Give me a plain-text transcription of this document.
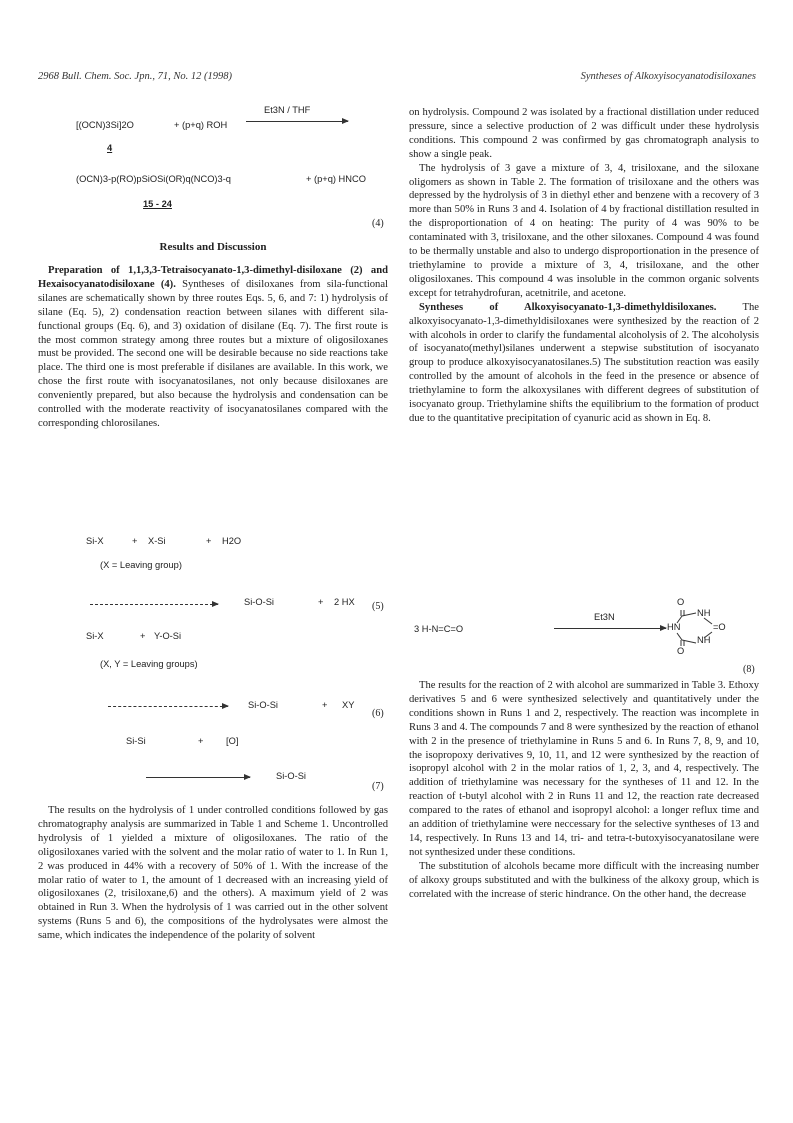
2968 Bull. Chem. Soc. Jpn., 71, No. 12 (1998)	Syntheses of Alkoxyisocyanatodisiloxanes
[(OCN)3Si]2O	+ (p+q) ROH
Et3N / THF
4
(OCN)3-p(RO)pSiOSi(OR)q(NCO)3-q	+ (p+q) HNCO
15 - 24
(4)
Results and Discussion

Preparation of 1,1,3,3-Tetraisocyanato-1,3-dimethyl-disiloxane (2) and Hexaisocyanatodisiloxane (4). Syntheses of disiloxanes from sila-functional silanes are schematically shown by three routes Eqs. 5, 6, and 7: 1) hydrolysis of silane (Eq. 5), 2) condensation reaction between silanes with different sila-functional groups (Eq. 6), and 3) oxidation of disilane (Eq. 7). The first route is the most common strategy among three routes but a mixture of oligosiloxanes must be provided. The second one will be desirable because no side reactions take place. The third one is most preferable if disilanes are available. In this work, we chose the first route with isocyanatosilanes, not only because disiloxanes are conveniently prepared, but also because the hydrolysis and condensation can be controlled with the moderate reactivity of isocyanatosilanes compared with the corresponding chlorosilanes.

Si-X	+ X-Si	+ H2O
(X = Leaving group)
Si-O-Si	+ 2 HX (5)
Si-X	+ Y-O-Si
(X, Y = Leaving groups)
Si-O-Si	+ XY
(6)
Si-Si	+ [O]
Si-O-Si
(7)

The results on the hydrolysis of 1 under controlled conditions followed by gas chromatography analysis are summarized in Table 1 and Scheme 1. Uncontrolled hydrolysis of 1 yielded a mixture of oligosiloxanes. The ratio of the oligosiloxanes varied with the solvent and the molar ratio of water to 1. In Run 1, 2 was produced in 44% with a recovery of 50% of 1. With the increase of the molar ratio of water to 1, the amount of 1 decreased with an increasing yield of oligosiloxanes (2, trisiloxane,6) and the others). A maximum yield of 2 was obtained in Run 3. When the hydrolysis of 1 was carried out in the other solvent systems (Runs 5 and 6), the compositions of the hydrolysates were almost the same, which indicates the independence of the polarity of solvent

on hydrolysis. Compound 2 was isolated by a fractional distillation under reduced pressure, since a selective production of 2 was difficult under these hydrolysis conditions. This compound 2 was confirmed by gas chromatograph analysis to show a single peak.

The hydrolysis of 3 gave a mixture of 3, 4, trisiloxane, and the siloxane oligomers as shown in Table 2. The formation of trisiloxane and the others was depressed by the hydrolysis of 3 in diethyl ether and benzene with a recovery of 3 more than 50% in Runs 3 and 4. Isolation of 4 by fractional distillation resulted in the disproportionation of 4 on heating: The purity of 4 was 90% to be contaminated with 3, trisiloxane, and the other siloxanes. Compound 4 was found to be thermally unstable and also to undergo disproportionation in the presence of triethylamine to provide a mixture of 3, 4, trisiloxane, and the other oligosiloxanes. This compound 4 was insoluble in the common organic solvents except for tetrahydrofuran, acetnitrile, and acetone.

Syntheses of Alkoxyisocyanato-1,3-dimethyldisiloxanes. The alkoxyisocyanato-1,3-dimethyldisiloxanes were synthesized by the reaction of 2 with alcohols in order to clarify the fundamental alcoholysis of 2. The alcoholysis of isocyanato(methyl)silanes underwent a stepwise substitution of isocyanato group to produce alkoxyisocyanatosilanes.5) The substitution reaction was easily controlled by the amount of alcohols in the feed in the presence or absence of triethylamine to form the alkoxysilanes with different degrees of substitution of isocyanato group. Triethylamine shifts the equilibrium to the formation of product due to the quantitative precipitation of cyanuric acid as shown in Eq. 8.

3 H-N=C=O
Et3N
O
NH
HN	=O
NH
O
(8)

The results for the reaction of 2 with alcohol are summarized in Table 3. Ethoxy derivatives 5 and 6 were synthesized selectively and quantitatively under the conditions shown in Runs 1 and 2, respectively. The reaction was incomplete in Runs 3 and 4. The compounds 7 and 8 were synthesized by the reaction of ethanol with 2 in the presence of triethylamine in Runs 5 and 6. In Runs 7, 8, 9, and 10, the isopropoxy derivatives 9, 10, 11, and 12 were synthesized by the reaction of isopropyl alcohol with 2 in the molar ratios of 1, 2, 3, and 4, respectively. The addition of triethylamine was necessary for the syntheses of 11 and 12. In the reaction of t-butyl alcohol with 2 in Runs 11 and 12, the reaction rate decreased compared to the rates of ethanol and isopropyl alcohol: a longer reflux time and an addition of triethylamine were neccessary for the selective syntheses of 13 and 14, respectively. In Runs 13 and 14, tri- and tetra-t-butoxyisocyanatosilane were not synthesized under these conditions.

The substitution of alcohols became more difficult with the increasing number of alkoxy groups substituted and with the bulkiness of the alkoxy group, which is correlated with the increase of steric hindrance. On the other hand, the decrease
